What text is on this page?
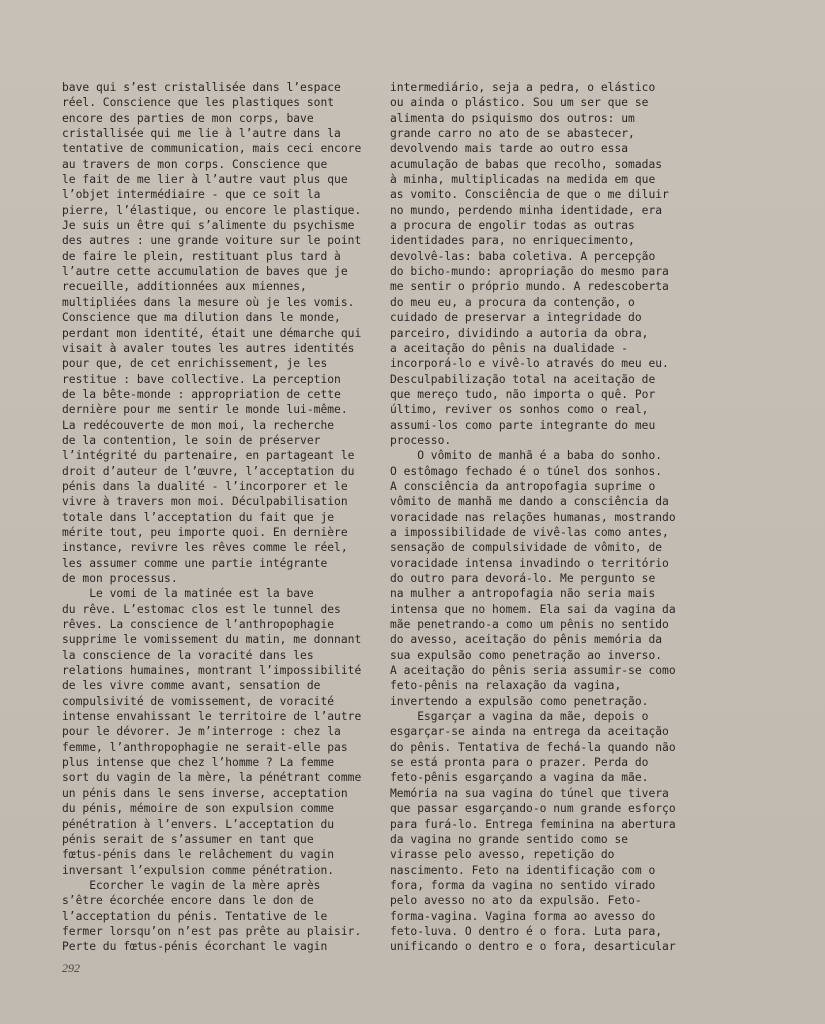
bave qui s’est cristallisée dans l’espace
réel. Conscience que les plastiques sont
encore des parties de mon corps, bave
cristallisée qui me lie à l’autre dans la
tentative de communication, mais ceci encore
au travers de mon corps. Conscience que
le fait de me lier à l’autre vaut plus que
l’objet intermédiaire - que ce soit la
pierre, l’élastique, ou encore le plastique.
Je suis un être qui s’alimente du psychisme
des autres : une grande voiture sur le point
de faire le plein, restituant plus tard à
l’autre cette accumulation de baves que je
recueille, additionnées aux miennes,
multipliées dans la mesure où je les vomis.
Conscience que ma dilution dans le monde,
perdant mon identité, était une démarche qui
visait à avaler toutes les autres identités
pour que, de cet enrichissement, je les
restitue : bave collective. La perception
de la bête-monde : appropriation de cette
dernière pour me sentir le monde lui-même.
La redécouverte de mon moi, la recherche
de la contention, le soin de préserver
l’intégrité du partenaire, en partageant le
droit d’auteur de l’œuvre, l’acceptation du
pénis dans la dualité - l’incorporer et le
vivre à travers mon moi. Déculpabilisation
totale dans l’acceptation du fait que je
mérite tout, peu importe quoi. En dernière
instance, revivre les rêves comme le réel,
les assumer comme une partie intégrante
de mon processus.
Le vomi de la matinée est la bave
du rêve. L’estomac clos est le tunnel des
rêves. La conscience de l’anthropophagie
supprime le vomissement du matin, me donnant
la conscience de la voracité dans les
relations humaines, montrant l’impossibilité
de les vivre comme avant, sensation de
compulsivité de vomissement, de voracité
intense envahissant le territoire de l’autre
pour le dévorer. Je m’interroge : chez la
femme, l’anthropophagie ne serait-elle pas
plus intense que chez l’homme ? La femme
sort du vagin de la mère, la pénétrant comme
un pénis dans le sens inverse, acceptation
du pénis, mémoire de son expulsion comme
pénétration à l’envers. L’acceptation du
pénis serait de s’assumer en tant que
fœtus-pénis dans le relâchement du vagin
inversant l’expulsion comme pénétration.
Ecorcher le vagin de la mère après
s’être écorchée encore dans le don de
l’acceptation du pénis. Tentative de le
fermer lorsqu’on n’est pas prête au plaisir.
Perte du fœtus-pénis écorchant le vagin
intermediário, seja a pedra, o elástico
ou ainda o plástico. Sou um ser que se
alimenta do psiquismo dos outros: um
grande carro no ato de se abastecer,
devolvendo mais tarde ao outro essa
acumulação de babas que recolho, somadas
à minha, multiplicadas na medida em que
as vomito. Consciência de que o me diluir
no mundo, perdendo minha identidade, era
a procura de engolir todas as outras
identidades para, no enriquecimento,
devolvê-las: baba coletiva. A percepção
do bicho-mundo: apropriação do mesmo para
me sentir o próprio mundo. A redescoberta
do meu eu, a procura da contenção, o
cuidado de preservar a integridade do
parceiro, dividindo a autoria da obra,
a aceitação do pênis na dualidade -
incorporá-lo e vivê-lo através do meu eu.
Desculpabilização total na aceitação de
que mereço tudo, não importa o quê. Por
último, reviver os sonhos como o real,
assumi-los como parte integrante do meu
processo.
O vômito de manhã é a baba do sonho.
O estômago fechado é o túnel dos sonhos.
A consciência da antropofagia suprime o
vômito de manhã me dando a consciência da
voracidade nas relações humanas, mostrando
a impossibilidade de vivê-las como antes,
sensação de compulsividade de vômito, de
voracidade intensa invadindo o território
do outro para devorá-lo. Me pergunto se
na mulher a antropofagia não seria mais
intensa que no homem. Ela sai da vagina da
mãe penetrando-a como um pênis no sentido
do avesso, aceitação do pênis memória da
sua expulsão como penetração ao inverso.
A aceitação do pênis seria assumir-se como
feto-pênis na relaxação da vagina,
invertendo a expulsão como penetração.
Esgarçar a vagina da mãe, depois o
esgarçar-se ainda na entrega da aceitação
do pênis. Tentativa de fechá-la quando não
se está pronta para o prazer. Perda do
feto-pênis esgarçando a vagina da mãe.
Memória na sua vagina do túnel que tivera
que passar esgarçando-o num grande esforço
para furá-lo. Entrega feminina na abertura
da vagina no grande sentido como se
virasse pelo avesso, repetição do
nascimento. Feto na identificação com o
fora, forma da vagina no sentido virado
pelo avesso no ato da expulsão. Feto-
forma-vagina. Vagina forma ao avesso do
feto-luva. O dentro é o fora. Luta para,
unificando o dentro e o fora, desarticular
292
